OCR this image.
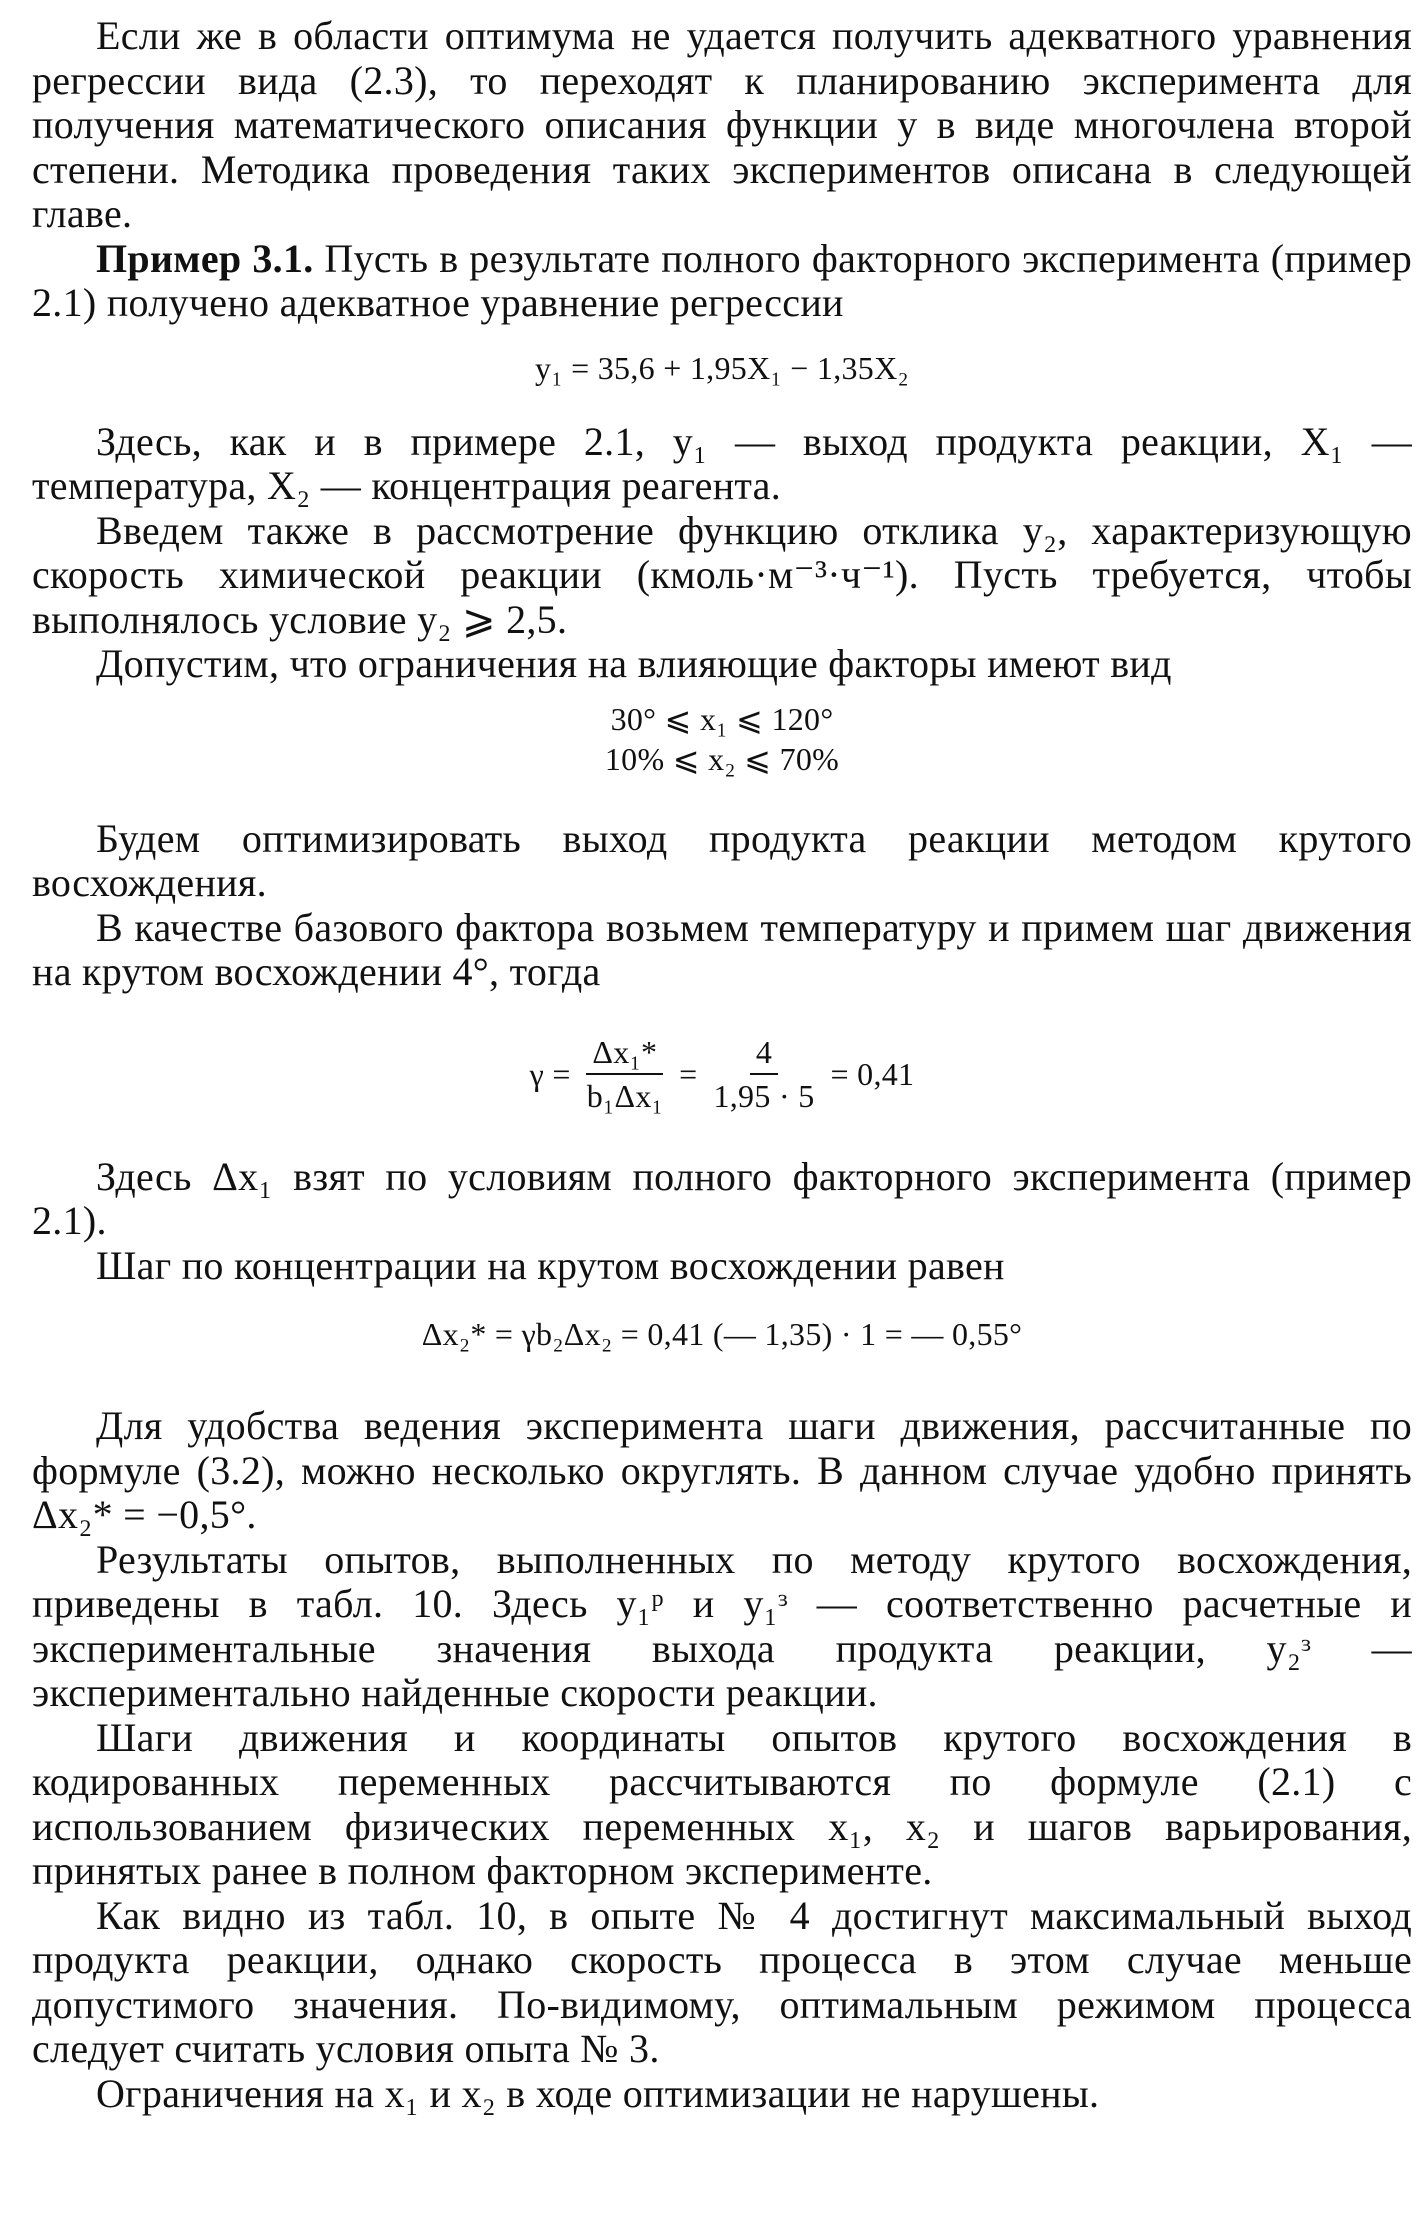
Если же в области оптимума не удается получить адекватного уравнения регрессии вида (2.3), то переходят к планированию эксперимента для получения математического описания функции у в виде многочлена второй степени. Методика проведения таких экспериментов описана в следующей главе.

Пример 3.1. Пусть в результате полного факторного эксперимента (пример 2.1) получено адекватное уравнение регрессии

y₁ = 35,6 + 1,95X₁ − 1,35X₂

Здесь, как и в примере 2.1, y₁ — выход продукта реакции, X₁ — температура, X₂ — концентрация реагента.

Введем также в рассмотрение функцию отклика y₂, характеризующую скорость химической реакции (кмоль·м⁻³·ч⁻¹). Пусть требуется, чтобы выполнялось условие y₂ ⩾ 2,5.

Допустим, что ограничения на влияющие факторы имеют вид

30° ⩽ x₁ ⩽ 120°

10% ⩽ x₂ ⩽ 70%

Будем оптимизировать выход продукта реакции методом крутого восхождения.

В качестве базового фактора возьмем температуру и примем шаг движения на крутом восхождении 4°, тогда

$\gamma = \frac{\text{Δx₁*}}{\text{b₁Δx₁}} = \frac{4}{1,95 \cdot 5} = 0,41$

Здесь Δx₁ взят по условиям полного факторного эксперимента (пример 2.1).

Шаг по концентрации на крутом восхождении равен

Δx₂* = γb₂Δx₂ = 0,41 (— 1,35) · 1 = — 0,55°

Для удобства ведения эксперимента шаги движения, рассчитанные по формуле (3.2), можно несколько округлять. В данном случае удобно принять Δx₂* = −0,5°.

Результаты опытов, выполненных по методу крутого восхождения, приведены в табл. 10. Здесь y₁ᵖ и y₁ᵌ — соответственно расчетные и экспериментальные значения выхода продукта реакции, y₂ᵌ — экспериментально найденные скорости реакции.

Шаги движения и координаты опытов крутого восхождения в кодированных переменных рассчитываются по формуле (2.1) с использованием физических переменных x₁, x₂ и шагов варьирования, принятых ранее в полном факторном эксперименте.

Как видно из табл. 10, в опыте № 4 достигнут максимальный выход продукта реакции, однако скорость процесса в этом случае меньше допустимого значения. По-видимому, оптимальным режимом процесса следует считать условия опыта № 3.

Ограничения на x₁ и x₂ в ходе оптимизации не нарушены.
